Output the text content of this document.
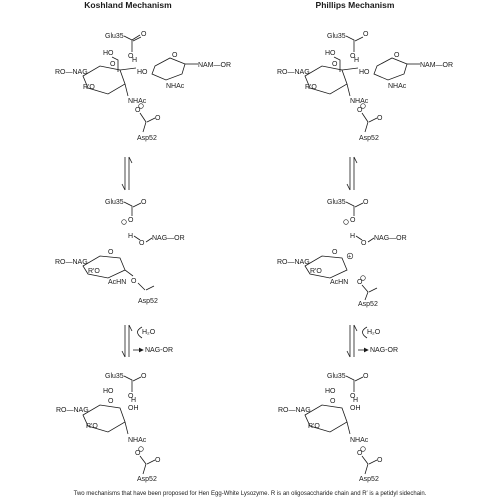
Koshland Mechanism	Phillips Mechanism
Glu35 O
O
H
O
NAM—OR
HO
NHAc
O
HO
RO—NAG
R′O
NHAc
O
O
Asp52
Glu35 O
O
H
O
NAG—OR
O
RO—NAG
R′O
AcHN O
Asp52
H₂O
NAG-OR
Glu35 O
O
H
O
HO
OH
RO—NAG
R′O
NHAc
O
O
Asp52
Glu35 O
O
H
O
NAM—OR
HO
NHAc
O
HO
RO—NAG
R′O
NHAc
O
O
Asp52
Glu35 O
O
H
O
NAG—OR
O
+
RO—NAG
R′O
AcHN O
Asp52
H₂O
NAG-OR
Glu35 O
O
H
O
HO
OH
RO—NAG
R′O
NHAc
O
O
Asp52
Two mechanisms that have been proposed for Hen Egg-White Lysozyme. R is an oligosaccharide chain and R′ is a petidyl sidechain.
